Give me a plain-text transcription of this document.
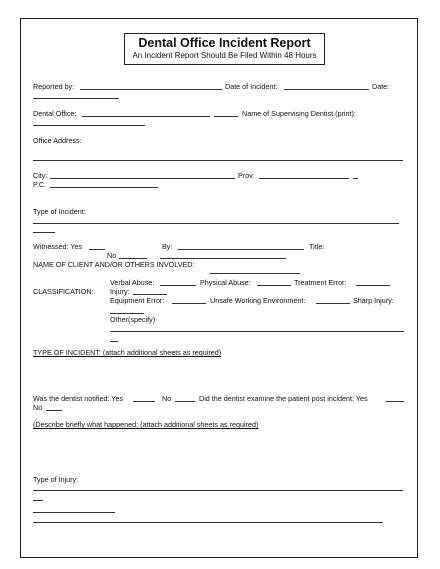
Dental Office Incident Report
An Incident Report Should Be Filed Within 48 Hours
Reported by:	Date of Incident:	Date:
Dental Office:	Name of Supervising Dentist (print):
Office Address:
City:	Prov:
P.C.
Type of Incident:
Witnessed: Yes	By:	Title:
No
NAME OF CLIENT AND/OR OTHERS INVOLVED:
CLASSIFICATION:
Verbal Abuse:	Physical Abuse:	Treatment Error:
Injury:
Equipment Error:	Unsafe Working Environment:	Sharp Injury:
Other(specify)
TYPE OF INCIDENT: (attach additional sheets as required)
Was the dentist notified: Yes	No	Did the dentist examine the patient post incident: Yes
No
(Describe briefly what happened: (attach additional sheets as required)
Type of Injury:
